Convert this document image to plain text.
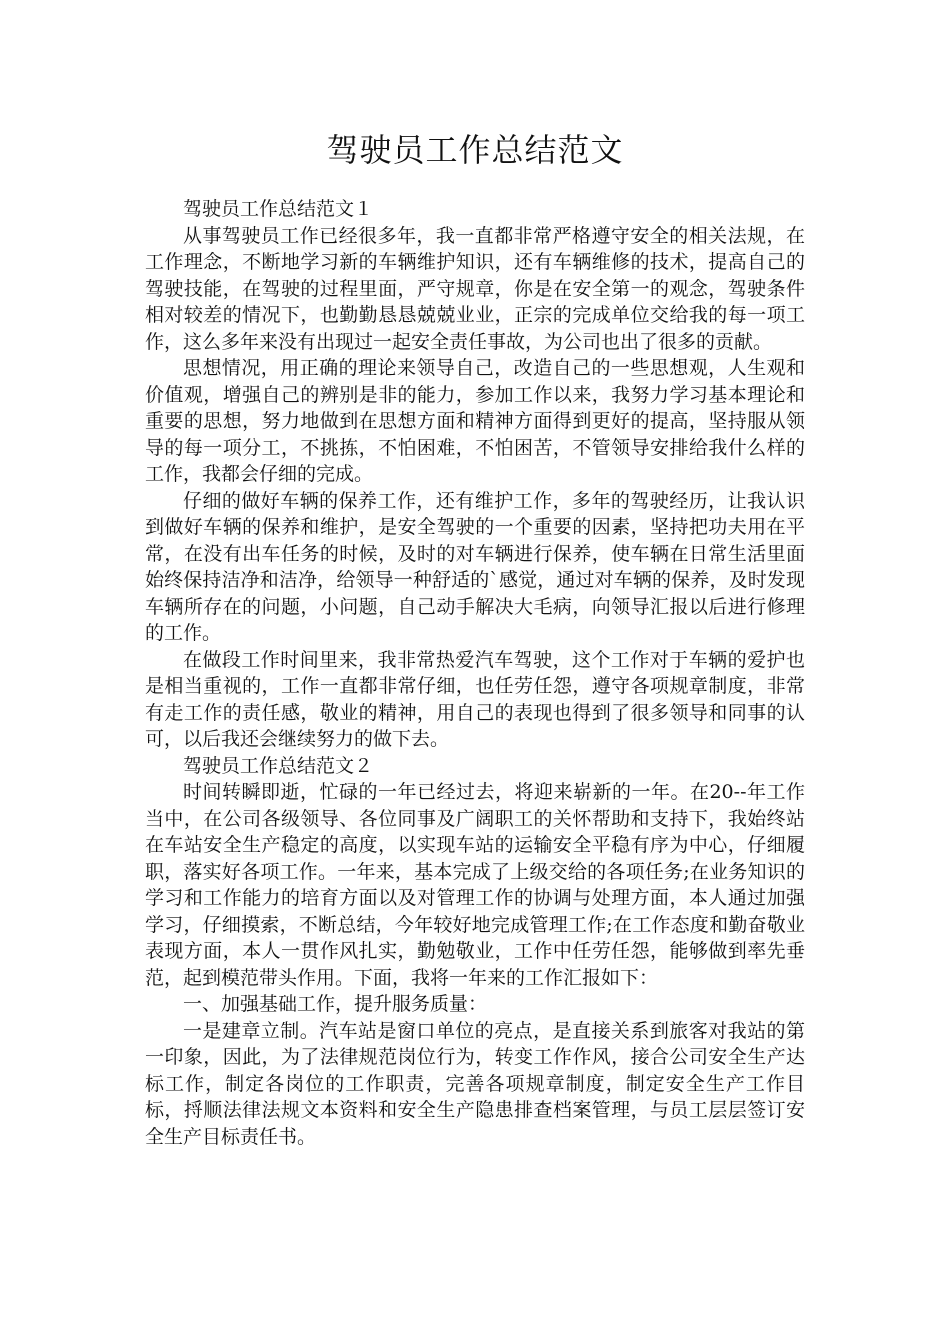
驾驶员工作总结范文

驾驶员工作总结范文１

从事驾驶员工作已经很多年，我一直都非常严格遵守安全的相关法规，在工作理念，不断地学习新的车辆维护知识，还有车辆维修的技术，提高自己的驾驶技能，在驾驶的过程里面，严守规章，你是在安全第一的观念，驾驶条件相对较差的情况下，也勤勤恳恳兢兢业业，正宗的完成单位交给我的每一项工作，这么多年来没有出现过一起安全责任事故，为公司也出了很多的贡献。

思想情况，用正确的理论来领导自己，改造自己的一些思想观，人生观和价值观，增强自己的辨别是非的能力，参加工作以来，我努力学习基本理论和重要的思想，努力地做到在思想方面和精神方面得到更好的提高，坚持服从领导的每一项分工，不挑拣，不怕困难，不怕困苦，不管领导安排给我什么样的工作，我都会仔细的完成。

仔细的做好车辆的保养工作，还有维护工作，多年的驾驶经历，让我认识到做好车辆的保养和维护，是安全驾驶的一个重要的因素，坚持把功夫用在平常，在没有出车任务的时候，及时的对车辆进行保养，使车辆在日常生活里面始终保持洁净和洁净，给领导一种舒适的`感觉，通过对车辆的保养，及时发现车辆所存在的问题，小问题，自己动手解决大毛病，向领导汇报以后进行修理的工作。

在做段工作时间里来，我非常热爱汽车驾驶，这个工作对于车辆的爱护也是相当重视的，工作一直都非常仔细，也任劳任怨，遵守各项规章制度，非常有走工作的责任感，敬业的精神，用自己的表现也得到了很多领导和同事的认可，以后我还会继续努力的做下去。

驾驶员工作总结范文２

时间转瞬即逝，忙碌的一年已经过去，将迎来崭新的一年。在20--年工作当中，在公司各级领导、各位同事及广阔职工的关怀帮助和支持下，我始终站在车站安全生产稳定的高度，以实现车站的运输安全平稳有序为中心，仔细履职，落实好各项工作。一年来，基本完成了上级交给的各项任务;在业务知识的学习和工作能力的培育方面以及对管理工作的协调与处理方面，本人通过加强学习，仔细摸索，不断总结，今年较好地完成管理工作;在工作态度和勤奋敬业表现方面，本人一贯作风扎实，勤勉敬业，工作中任劳任怨，能够做到率先垂范，起到模范带头作用。下面，我将一年来的工作汇报如下：

一、加强基础工作，提升服务质量：

一是建章立制。汽车站是窗口单位的亮点，是直接关系到旅客对我站的第一印象，因此，为了法律规范岗位行为，转变工作作风，接合公司安全生产达标工作，制定各岗位的工作职责，完善各项规章制度，制定安全生产工作目标，捋顺法律法规文本资料和安全生产隐患排查档案管理，与员工层层签订安全生产目标责任书。
